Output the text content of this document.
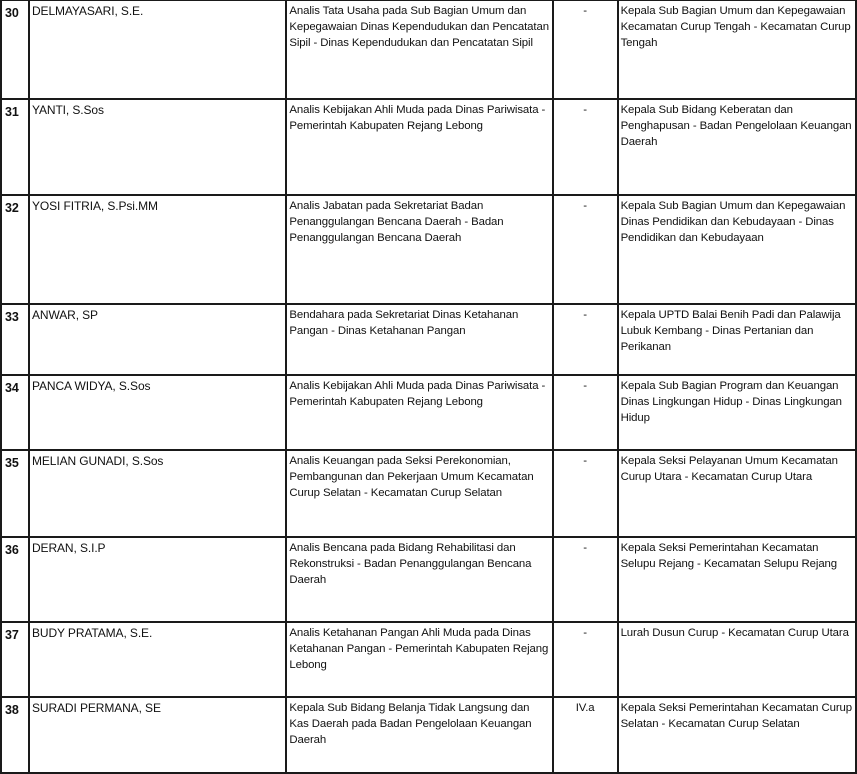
30	DELMAYASARI, S.E.	Analis Tata Usaha pada Sub Bagian Umum dan Kepegawaian Dinas Kependudukan dan Pencatatan Sipil - Dinas Kependudukan dan Pencatatan Sipil	-	Kepala Sub Bagian Umum dan Kepegawaian Kecamatan Curup Tengah - Kecamatan Curup Tengah
31	YANTI, S.Sos	Analis Kebijakan Ahli Muda pada Dinas Pariwisata - Pemerintah Kabupaten Rejang Lebong	-	Kepala Sub Bidang Keberatan dan Penghapusan - Badan Pengelolaan Keuangan Daerah
32	YOSI FITRIA, S.Psi.MM	Analis Jabatan pada Sekretariat Badan Penanggulangan Bencana Daerah - Badan Penanggulangan Bencana Daerah	-	Kepala Sub Bagian Umum dan Kepegawaian Dinas Pendidikan dan Kebudayaan - Dinas Pendidikan dan Kebudayaan
33	ANWAR, SP	Bendahara pada Sekretariat Dinas Ketahanan Pangan - Dinas Ketahanan Pangan	-	Kepala UPTD Balai Benih Padi dan Palawija Lubuk Kembang - Dinas Pertanian dan Perikanan
34	PANCA WIDYA, S.Sos	Analis Kebijakan Ahli Muda pada Dinas Pariwisata - Pemerintah Kabupaten Rejang Lebong	-	Kepala Sub Bagian Program dan Keuangan Dinas Lingkungan Hidup - Dinas Lingkungan Hidup
35	MELIAN GUNADI, S.Sos	Analis Keuangan pada Seksi Perekonomian, Pembangunan dan Pekerjaan Umum Kecamatan Curup Selatan - Kecamatan Curup Selatan	-	Kepala Seksi Pelayanan Umum Kecamatan Curup Utara - Kecamatan Curup Utara
36	DERAN, S.I.P	Analis Bencana pada Bidang Rehabilitasi dan Rekonstruksi - Badan Penanggulangan Bencana Daerah	-	Kepala Seksi Pemerintahan Kecamatan Selupu Rejang - Kecamatan Selupu Rejang
37	BUDY PRATAMA, S.E.	Analis Ketahanan Pangan Ahli Muda pada Dinas Ketahanan Pangan - Pemerintah Kabupaten Rejang Lebong	-	Lurah Dusun Curup - Kecamatan Curup Utara
38	SURADI PERMANA, SE	Kepala Sub Bidang Belanja Tidak Langsung dan Kas Daerah pada Badan Pengelolaan Keuangan Daerah	IV.a	Kepala Seksi Pemerintahan Kecamatan Curup Selatan - Kecamatan Curup Selatan
